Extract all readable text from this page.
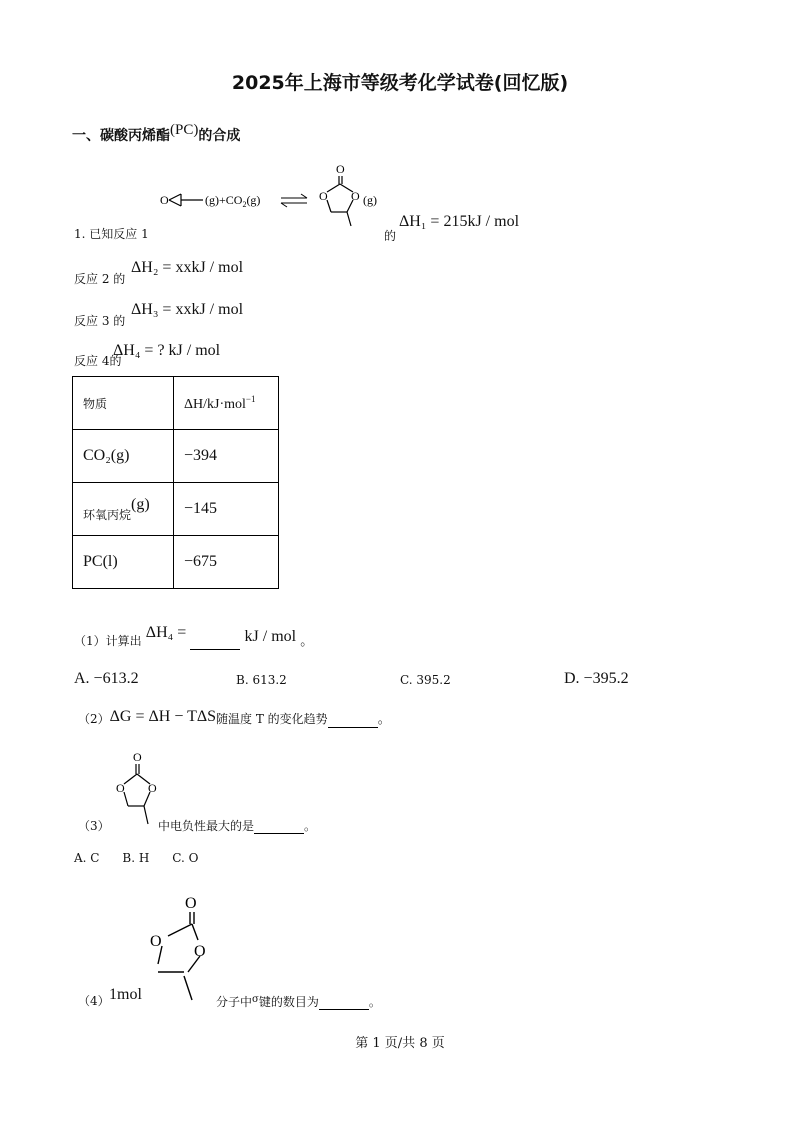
2025年上海市等级考化学试卷(回忆版)
一、碳酸丙烯酯(PC)的合成
O	$(g)+CO_2(g)$
O
O O (g)
1. 已知反应 1	的
ΔH₁ = 215kJ / mol
反应 2 的
ΔH₂ = xxkJ / mol
反应 3 的
ΔH₃ = xxkJ / mol
反应 4的
ΔH₄ = ? kJ / mol
物质	ΔH/kJ·mol$^{-1}$
CO₂(g)	−394
环氧丙烷(g)	−145
PC(l)	−675
（1）计算出 ΔH₄ =	kJ / mol 。
A. −613.2	B. 613.2	C. 395.2	D. −395.2
（2）ΔG = ΔH − TΔS随温度 T 的变化趋势	。
O
O O
（3）	中电负性最大的是	。
A. C B. H C. O
O
O
O
（4） 1mol	分子中$^\sigma$键的数目为	。
第 1 页/共 8 页
